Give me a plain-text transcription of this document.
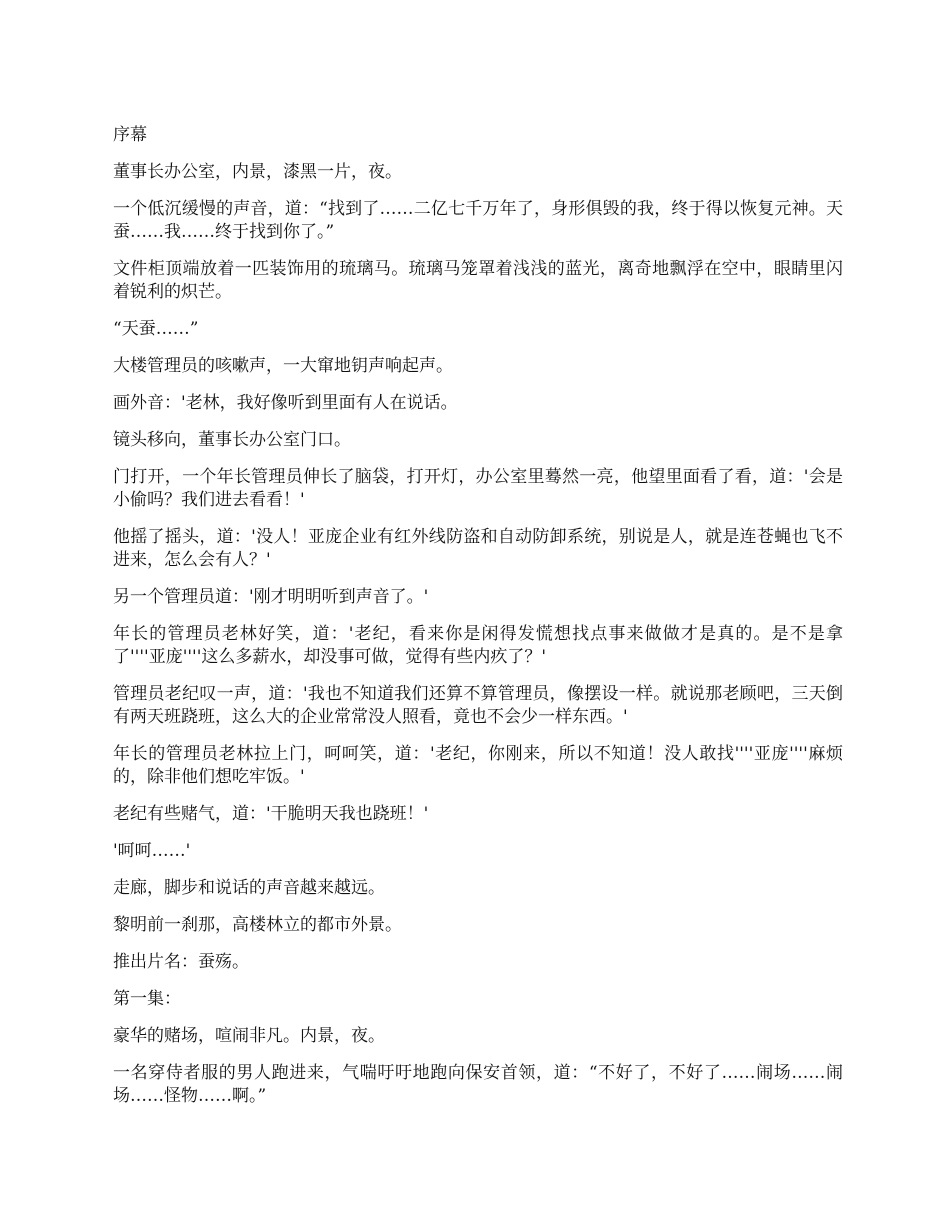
序幕

董事长办公室，内景，漆黑一片，夜。

一个低沉缓慢的声音，道：“找到了……二亿七千万年了，身形俱毁的我，终于得以恢复元神。天蚕……我……终于找到你了。”

文件柜顶端放着一匹装饰用的琉璃马。琉璃马笼罩着浅浅的蓝光，离奇地飘浮在空中，眼睛里闪着锐利的炽芒。

“天蚕……”

大楼管理员的咳嗽声，一大窜地钥声响起声。

画外音：'老林，我好像听到里面有人在说话。

镜头移向，董事长办公室门口。

门打开，一个年长管理员伸长了脑袋，打开灯，办公室里蓦然一亮，他望里面看了看，道：'会是小偷吗？我们进去看看！'

他摇了摇头，道：'没人！亚庞企业有红外线防盗和自动防卸系统，别说是人，就是连苍蝇也飞不进来，怎么会有人？'

另一个管理员道：'刚才明明听到声音了。'

年长的管理员老林好笑，道：'老纪，看来你是闲得发慌想找点事来做做才是真的。是不是拿了''''亚庞''''这么多薪水，却没事可做，觉得有些内疚了？'

管理员老纪叹一声，道：'我也不知道我们还算不算管理员，像摆设一样。就说那老顾吧，三天倒有两天班跷班，这么大的企业常常没人照看，竟也不会少一样东西。'

年长的管理员老林拉上门，呵呵笑，道：'老纪，你刚来，所以不知道！没人敢找''''亚庞''''麻烦的，除非他们想吃牢饭。'

老纪有些赌气，道：'干脆明天我也跷班！'

'呵呵……'

走廊，脚步和说话的声音越来越远。

黎明前一刹那，高楼林立的都市外景。

推出片名：蚕殇。

第一集：

豪华的赌场，喧闹非凡。内景，夜。

一名穿侍者服的男人跑进来，气喘吁吁地跑向保安首领，道：“不好了，不好了……闹场……闹场……怪物……啊。”
